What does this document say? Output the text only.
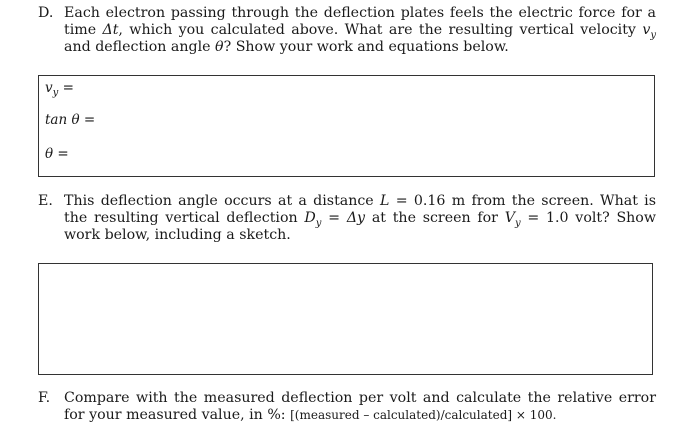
D. Each electron passing through the deflection plates feels the electric force for a time Δt, which you calculated above. What are the resulting vertical velocity $v_y$ and deflection angle θ? Show your work and equations below.
$v_y$ =
tan θ =
θ =
E. This deflection angle occurs at a distance L = 0.16 m from the screen. What is the resulting vertical deflection $D_y = \Delta y$ at the screen for $V_y = 1.0$ volt? Show work below, including a sketch.
F. Compare with the measured deflection per volt and calculate the relative error for your measured value, in %: [(measured – calculated)/calculated] × 100.
